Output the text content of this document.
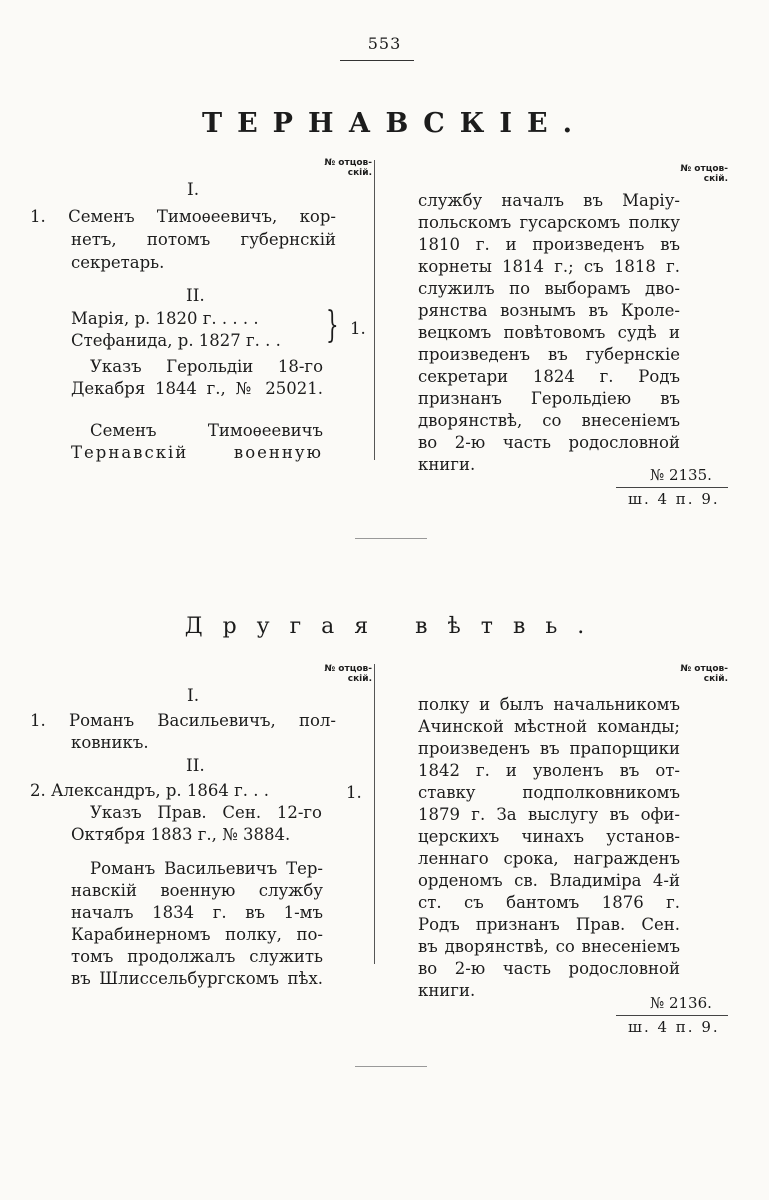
553
ТЕРНАВСКІЕ.
№ отцов-
скій.	№ отцов-
скій.
I.
1. Семенъ Тимоѳеевичъ, кор-
нетъ, потомъ губернскій
секретарь.
II.
Марія, р. 1820 г. . . . .
Стефанида, р. 1827 г. . . } 1.
Указъ Герольдіи 18-го
Декабря 1844 г., № 25021.
Семенъ Тимоѳеевичъ
Тернавскій военную
службу началъ въ Маріу-
польскомъ гусарскомъ полку
1810 г. и произведенъ въ
корнеты 1814 г.; съ 1818 г.
служилъ по выборамъ дво-
рянства вознымъ въ Кроле-
вецкомъ повѣтовомъ судѣ и
произведенъ въ губернскіе
секретари 1824 г. Родъ
признанъ Герольдіею въ
дворянствѣ, со внесеніемъ
во 2-ю часть родословной
книги.
№ 2135.
ш. 4 п. 9.
Другая вѣтвь.
№ отцов-
скій.
№ отцов-
скій.
I.
1. Романъ Васильевичъ, пол-
ковникъ.
II.
2. Александръ, р. 1864 г. . .	1.
Указъ Прав. Сен. 12-го
Октября 1883 г., № 3884.
Романъ Васильевичъ Тер-
навскій военную службу
началъ 1834 г. въ 1-мъ
Карабинерномъ полку, по-
томъ продолжалъ служить
въ Шлиссельбургскомъ пѣх.
полку и былъ начальникомъ
Ачинской мѣстной команды;
произведенъ въ прапорщики
1842 г. и уволенъ въ от-
ставку подполковникомъ
1879 г. За выслугу въ офи-
церскихъ чинахъ установ-
леннаго срока, награжденъ
орденомъ св. Владиміра 4-й
ст. съ бантомъ 1876 г.
Родъ признанъ Прав. Сен.
въ дворянствѣ, со внесеніемъ
во 2-ю часть родословной
книги.
№ 2136.
ш. 4 п. 9.
